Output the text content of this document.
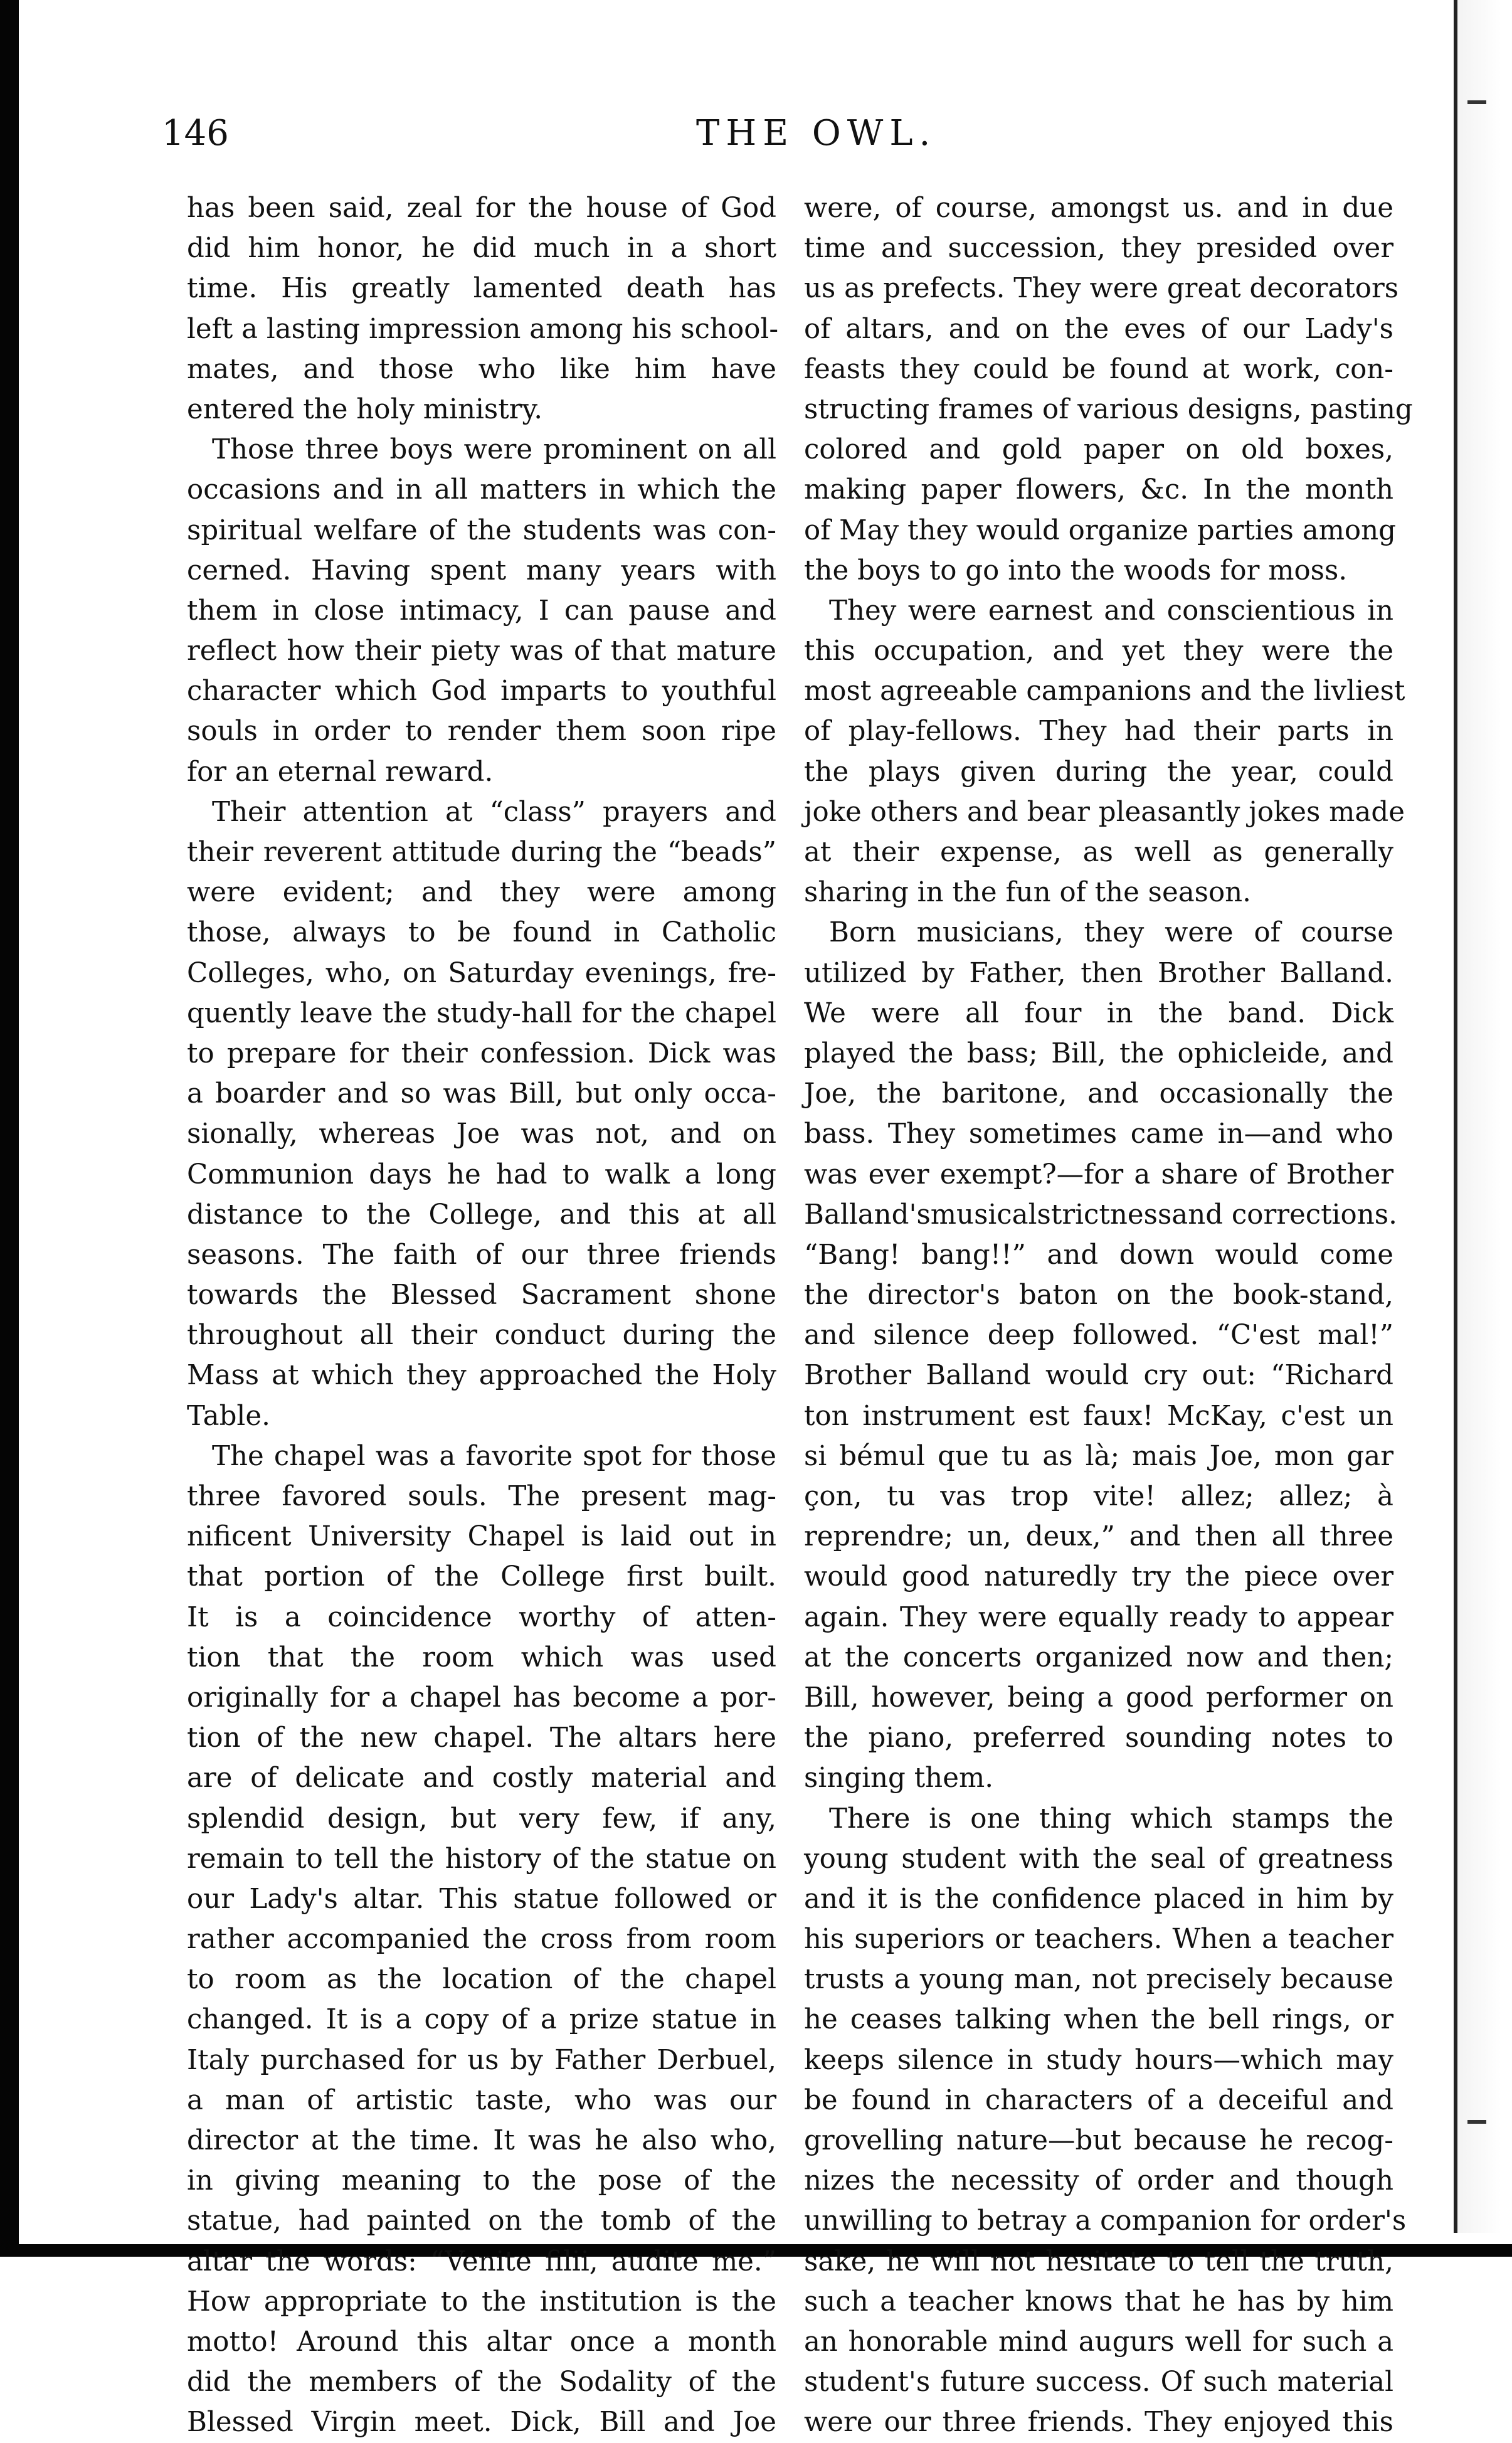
146	THE OWL.
has been said, zeal for the house of God
did him honor, he did much in a short
time. His greatly lamented death has
left a lasting impression among his school-
mates, and those who like him have
entered the holy ministry.
Those three boys were prominent on all
occasions and in all matters in which the
spiritual welfare of the students was con-
cerned. Having spent many years with
them in close intimacy, I can pause and
reflect how their piety was of that mature
character which God imparts to youthful
souls in order to render them soon ripe
for an eternal reward.
Their attention at “class” prayers and
their reverent attitude during the “beads”
were evident; and they were among
those, always to be found in Catholic
Colleges, who, on Saturday evenings, fre-
quently leave the study-hall for the chapel
to prepare for their confession. Dick was
a boarder and so was Bill, but only occa-
sionally, whereas Joe was not, and on
Communion days he had to walk a long
distance to the College, and this at all
seasons. The faith of our three friends
towards the Blessed Sacrament shone
throughout all their conduct during the
Mass at which they approached the Holy
Table.
The chapel was a favorite spot for those
three favored souls. The present mag-
nificent University Chapel is laid out in
that portion of the College first built.
It is a coincidence worthy of atten-
tion that the room which was used
originally for a chapel has become a por-
tion of the new chapel. The altars here
are of delicate and costly material and
splendid design, but very few, if any,
remain to tell the history of the statue on
our Lady's altar. This statue followed or
rather accompanied the cross from room
to room as the location of the chapel
changed. It is a copy of a prize statue in
Italy purchased for us by Father Derbuel,
a man of artistic taste, who was our
director at the time. It was he also who,
in giving meaning to the pose of the
statue, had painted on the tomb of the
altar the words: “Venite filii, audite me.”
How appropriate to the institution is the
motto! Around this altar once a month
did the members of the Sodality of the
Blessed Virgin meet. Dick, Bill and Joe
were, of course, amongst us. and in due
time and succession, they presided over
us as prefects. They were great decorators
of altars, and on the eves of our Lady's
feasts they could be found at work, con-
structing frames of various designs, pasting
colored and gold paper on old boxes,
making paper flowers, &c. In the month
of May they would organize parties among
the boys to go into the woods for moss.
They were earnest and conscientious in
this occupation, and yet they were the
most agreeable campanions and the livliest
of play-fellows. They had their parts in
the plays given during the year, could
joke others and bear pleasantly jokes made
at their expense, as well as generally
sharing in the fun of the season.
Born musicians, they were of course
utilized by Father, then Brother Balland.
We were all four in the band. Dick
played the bass; Bill, the ophicleide, and
Joe, the baritone, and occasionally the
bass. They sometimes came in—and who
was ever exempt?—for a share of Brother
Balland'smusicalstrictnessand corrections.
“Bang! bang!!” and down would come
the director's baton on the book-stand,
and silence deep followed. “C'est mal!”
Brother Balland would cry out: “Richard
ton instrument est faux! McKay, c'est un
si bémul que tu as là; mais Joe, mon gar
çon, tu vas trop vite! allez; allez; à
reprendre; un, deux,” and then all three
would good naturedly try the piece over
again. They were equally ready to appear
at the concerts organized now and then;
Bill, however, being a good performer on
the piano, preferred sounding notes to
singing them.
There is one thing which stamps the
young student with the seal of greatness
and it is the confidence placed in him by
his superiors or teachers. When a teacher
trusts a young man, not precisely because
he ceases talking when the bell rings, or
keeps silence in study hours—which may
be found in characters of a deceiful and
grovelling nature—but because he recog-
nizes the necessity of order and though
unwilling to betray a companion for order's
sake, he will not hesitate to tell the truth,
such a teacher knows that he has by him
an honorable mind augurs well for such a
student's future success. Of such material
were our three friends. They enjoyed this
